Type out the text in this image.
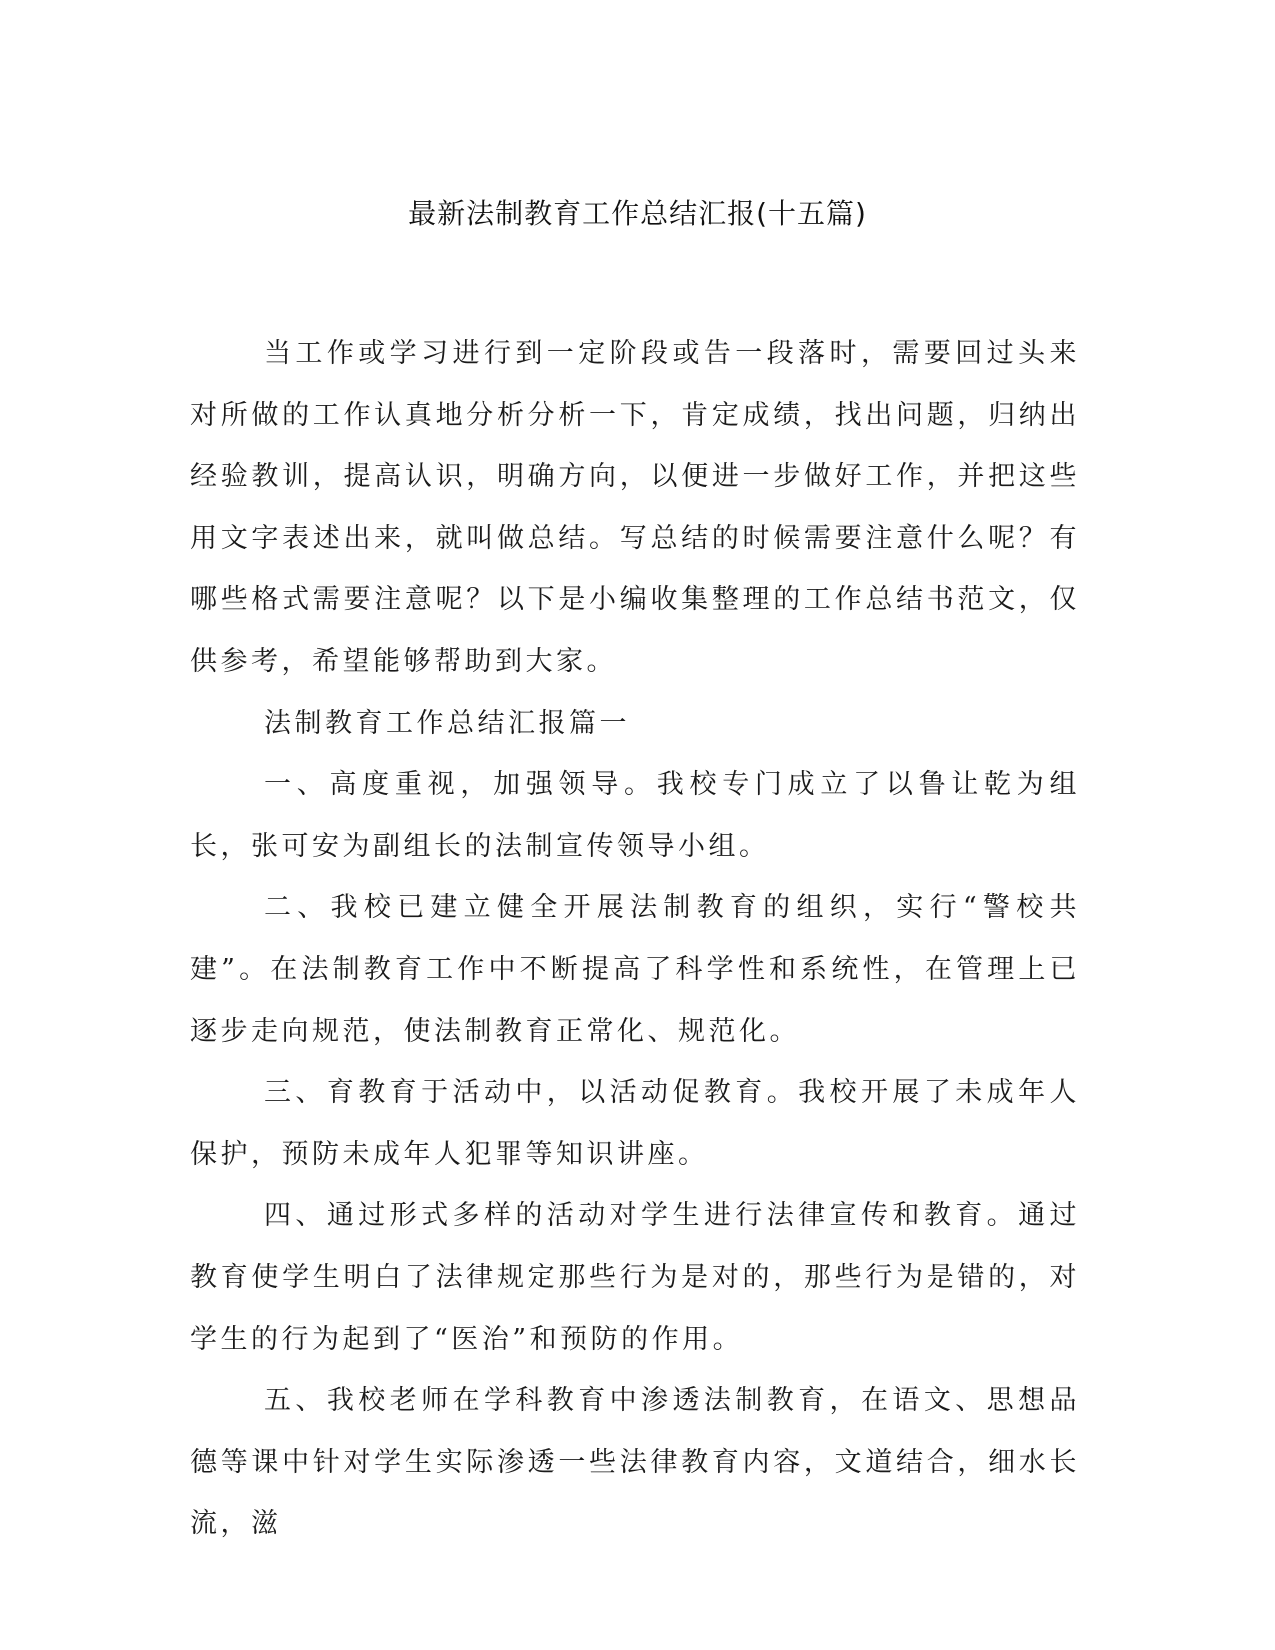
最新法制教育工作总结汇报(十五篇)

当工作或学习进行到一定阶段或告一段落时，需要回过头来对所做的工作认真地分析分析一下，肯定成绩，找出问题，归纳出经验教训，提高认识，明确方向，以便进一步做好工作，并把这些用文字表述出来，就叫做总结。写总结的时候需要注意什么呢？有哪些格式需要注意呢？以下是小编收集整理的工作总结书范文，仅供参考，希望能够帮助到大家。

法制教育工作总结汇报篇一

一、高度重视，加强领导。我校专门成立了以鲁让乾为组长，张可安为副组长的法制宣传领导小组。

二、我校已建立健全开展法制教育的组织，实行“警校共建”。在法制教育工作中不断提高了科学性和系统性，在管理上已逐步走向规范，使法制教育正常化、规范化。

三、育教育于活动中，以活动促教育。我校开展了未成年人保护，预防未成年人犯罪等知识讲座。

四、通过形式多样的活动对学生进行法律宣传和教育。通过教育使学生明白了法律规定那些行为是对的，那些行为是错的，对学生的行为起到了“医治”和预防的作用。

五、我校老师在学科教育中渗透法制教育，在语文、思想品德等课中针对学生实际渗透一些法律教育内容，文道结合，细水长流，滋
